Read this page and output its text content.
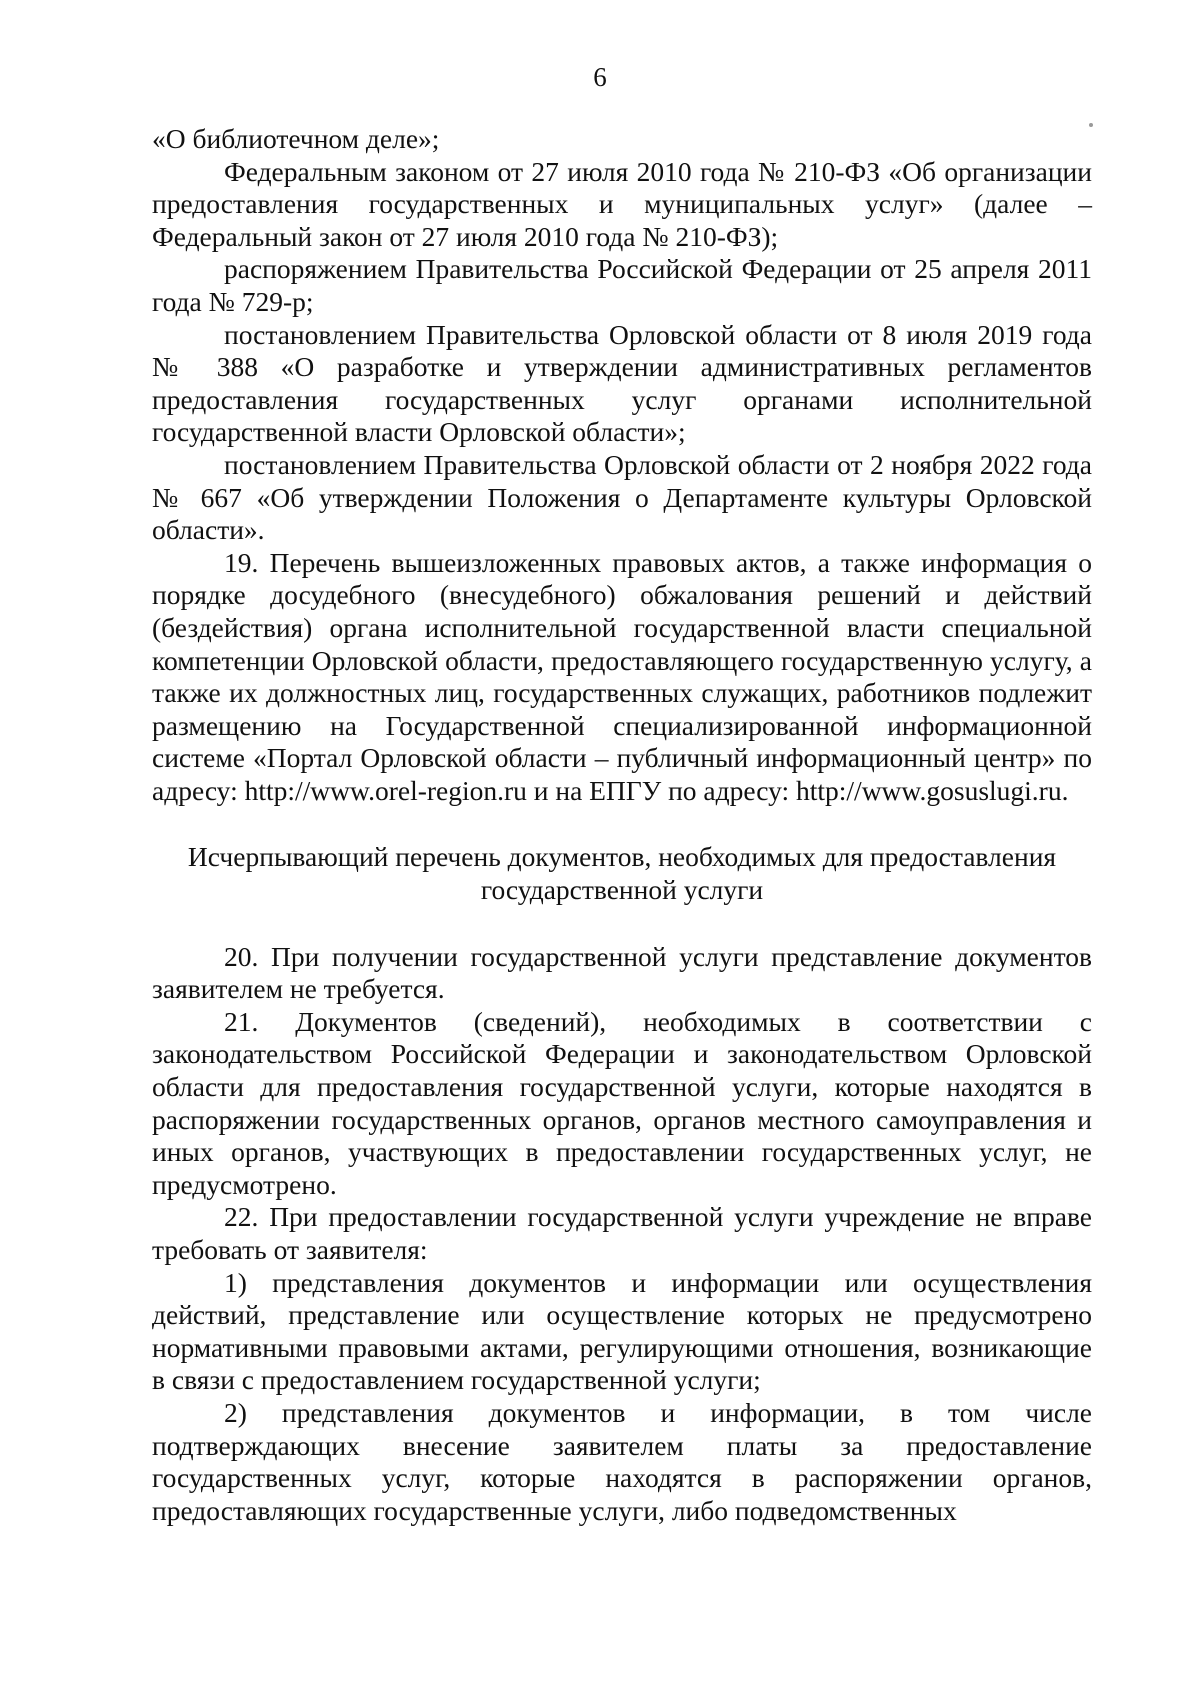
6

«О библиотечном деле»;

Федеральным законом от 27 июля 2010 года № 210-ФЗ «Об организации предоставления государственных и муниципальных услуг» (далее – Федеральный закон от 27 июля 2010 года № 210-ФЗ);

распоряжением Правительства Российской Федерации от 25 апреля 2011 года № 729-р;

постановлением Правительства Орловской области от 8 июля 2019 года № 388 «О разработке и утверждении административных регламентов предоставления государственных услуг органами исполнительной государственной власти Орловской области»;

постановлением Правительства Орловской области от 2 ноября 2022 года № 667 «Об утверждении Положения о Департаменте культуры Орловской области».

19. Перечень вышеизложенных правовых актов, а также информация о порядке досудебного (внесудебного) обжалования решений и действий (бездействия) органа исполнительной государственной власти специальной компетенции Орловской области, предоставляющего государственную услугу, а также их должностных лиц, государственных служащих, работников подлежит размещению на Государственной специализированной информационной системе «Портал Орловской области – публичный информационный центр» по адресу: http://www.orel-region.ru и на ЕПГУ по адресу: http://www.gosuslugi.ru.

Исчерпывающий перечень документов, необходимых для предоставления
государственной услуги

20. При получении государственной услуги представление документов заявителем не требуется.

21. Документов (сведений), необходимых в соответствии с законодательством Российской Федерации и законодательством Орловской области для предоставления государственной услуги, которые находятся в распоряжении государственных органов, органов местного самоуправления и иных органов, участвующих в предоставлении государственных услуг, не предусмотрено.

22. При предоставлении государственной услуги учреждение не вправе требовать от заявителя:

1) представления документов и информации или осуществления действий, представление или осуществление которых не предусмотрено нормативными правовыми актами, регулирующими отношения, возникающие в связи с предоставлением государственной услуги;

2) представления документов и информации, в том числе подтверждающих внесение заявителем платы за предоставление государственных услуг, которые находятся в распоряжении органов, предоставляющих государственные услуги, либо подведомственных
